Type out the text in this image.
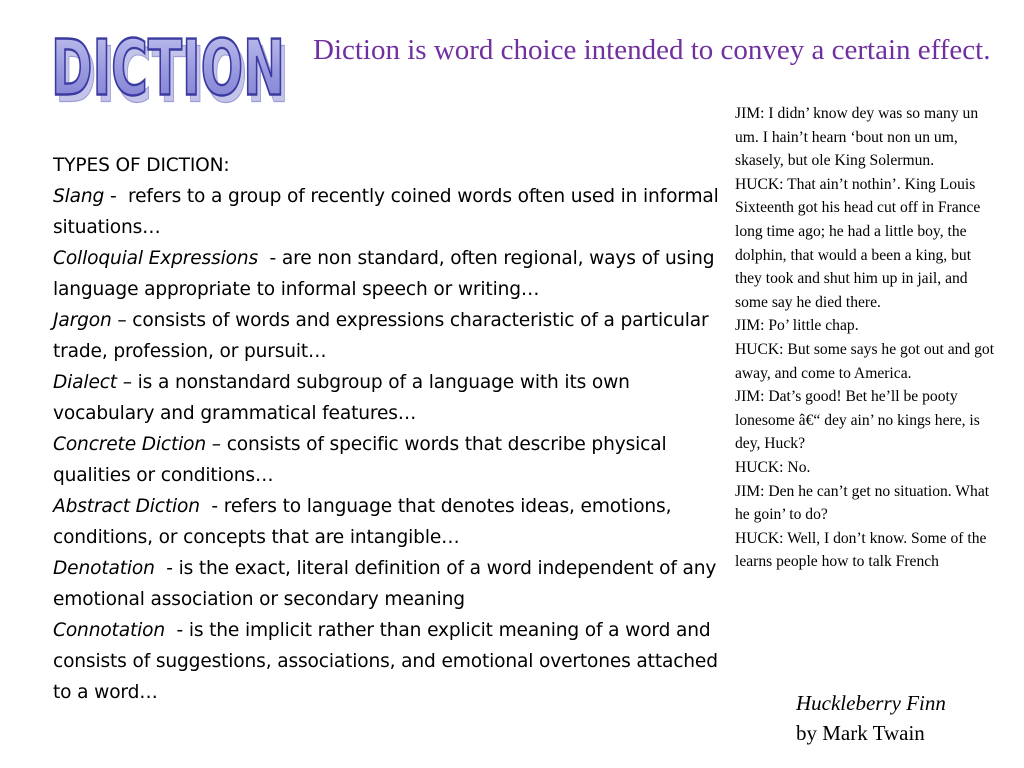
DICTION
DICTION Diction is word choice intended to convey a certain effect.
TYPES OF DICTION:
Slang -  refers to a group of recently coined words often used in informal situations…
Colloquial Expressions  - are non standard, often regional, ways of using language appropriate to informal speech or writing…
Jargon – consists of words and expressions characteristic of a particular trade, profession, or pursuit…
Dialect – is a nonstandard subgroup of a language with its own vocabulary and grammatical features…
Concrete Diction – consists of specific words that describe physical qualities or conditions…
Abstract Diction  - refers to language that denotes ideas, emotions, conditions, or concepts that are intangible…
Denotation  - is the exact, literal definition of a word independent of any emotional association or secondary meaning
Connotation  - is the implicit rather than explicit meaning of a word and consists of suggestions, associations, and emotional overtones attached to a word…
JIM: I didn’ know dey was so many un um. I hain’t hearn ‘bout non un um, skasely, but ole King Solermun.
HUCK: That ain’t nothin’. King Louis Sixteenth got his head cut off in France long time ago; he had a little boy, the dolphin, that would a been a king, but they took and shut him up in jail, and some say he died there.
JIM: Po’ little chap.
HUCK: But some says he got out and got away, and come to America.
JIM: Dat’s good! Bet he’ll be pooty lonesome â€“ dey ain’ no kings here, is dey, Huck?
HUCK: No.
JIM: Den he can’t get no situation. What he goin’ to do?
HUCK: Well, I don’t know. Some of the learns people how to talk French
Huckleberry Finn
by Mark Twain
